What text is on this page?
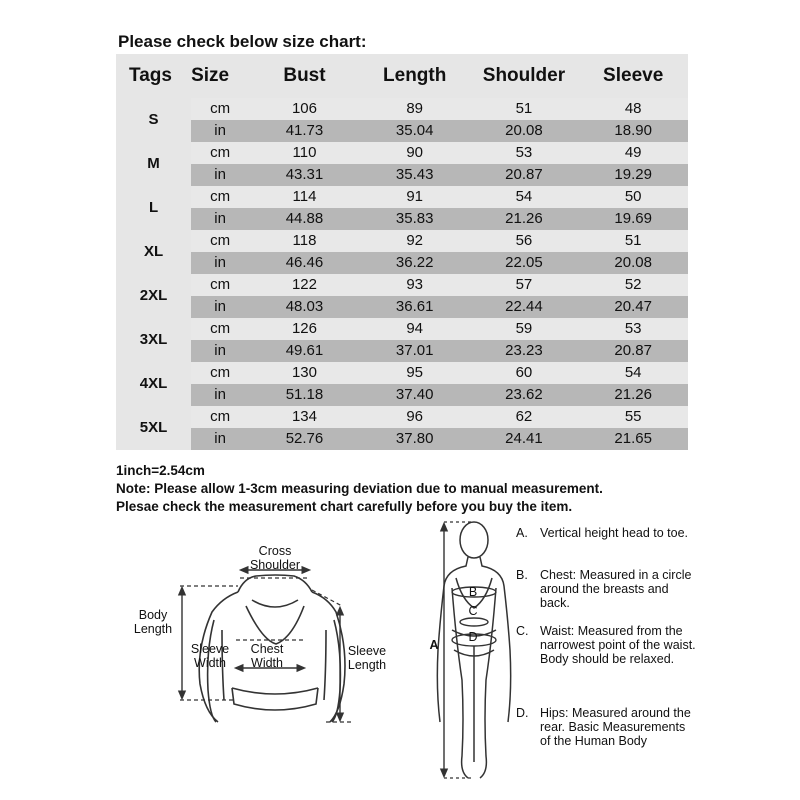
Please check below size chart:
Tags	Size	Bust	Length	Shoulder	Sleeve
S	cm	106	89	51	48
	in	41.73	35.04	20.08	18.90
M	cm	110	90	53	49
	in	43.31	35.43	20.87	19.29
L	cm	114	91	54	50
	in	44.88	35.83	21.26	19.69
XL	cm	118	92	56	51
	in	46.46	36.22	22.05	20.08
2XL	cm	122	93	57	52
	in	48.03	36.61	22.44	20.47
3XL	cm	126	94	59	53
	in	49.61	37.01	23.23	20.87
4XL	cm	130	95	60	54
	in	51.18	37.40	23.62	21.26
5XL	cm	134	96	62	55
	in	52.76	37.80	24.41	21.65
1inch=2.54cm
Note: Please allow 1-3cm measuring deviation due to manual measurement.
Plesae check the measurement chart carefully before you buy the item.
Cross
Shoulder
Body
Length
Sleeve
Width
Chest
Width
Sleeve
Length
A
B
C
D
A. Vertical height head to toe.
B. Chest: Measured in a circle around the breasts and back.
C. Waist: Measured from the narrowest point of the waist. Body should be relaxed.
D. Hips: Measured around the rear. Basic Measurements of the Human Body
